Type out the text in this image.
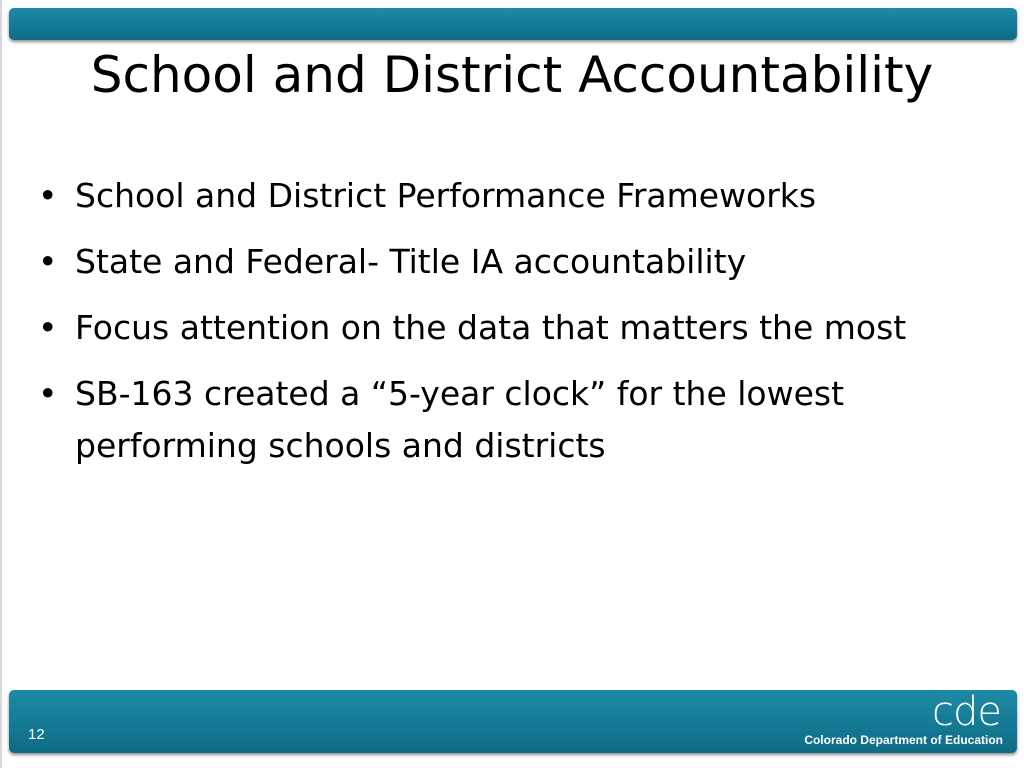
School and District Accountability
• School and District Performance Frameworks
• State and Federal- Title IA accountability
• Focus attention on the data that matters the most
• SB-163 created a “5-year clock” for the lowest performing schools and districts
12	cde
Colorado Department of Education
